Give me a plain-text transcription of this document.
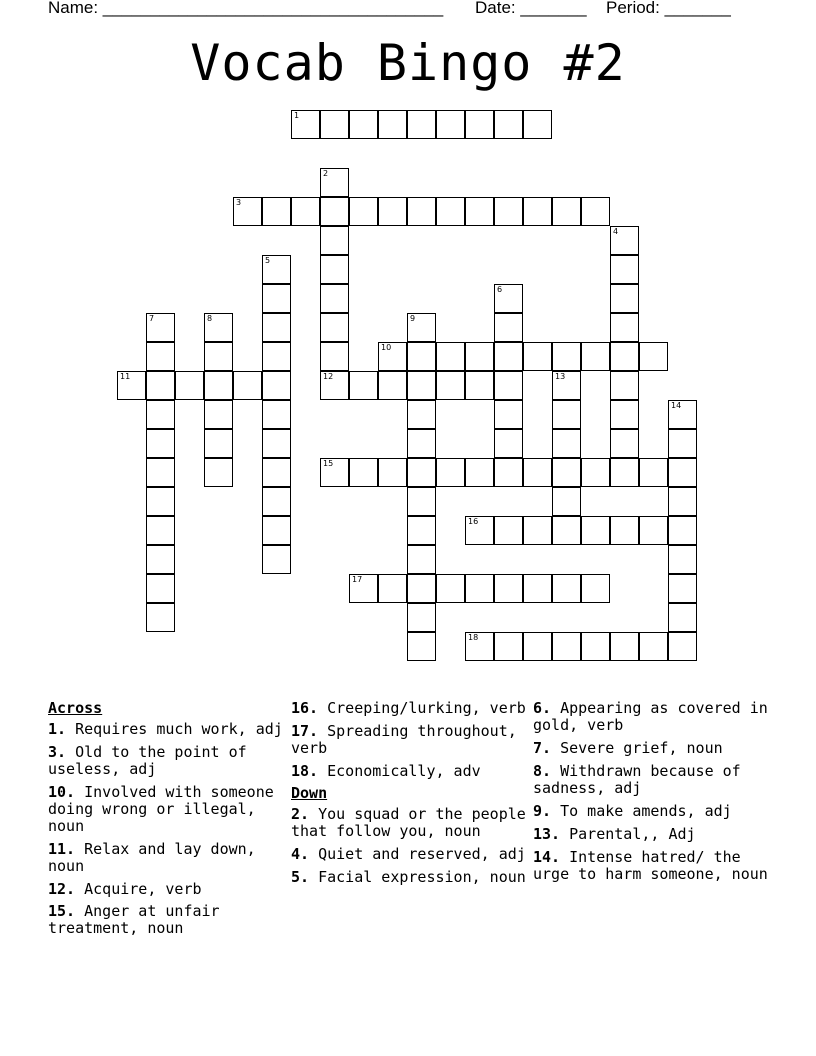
Name: ____________________________________ Date: _______ Period: _______
Vocab Bingo #2
1
2
3
4
5
6
7	8	9
10
11	12	13
14
15
16
17
18
Across
1. Requires much work, adj
3. Old to the point of useless, adj
10. Involved with someone doing wrong or illegal, noun
11. Relax and lay down, noun
12. Acquire, verb
15. Anger at unfair treatment, noun
16. Creeping/lurking, verb
17. Spreading throughout, verb
18. Economically, adv
Down
2. You squad or the people that follow you, noun
4. Quiet and reserved, adj
5. Facial expression, noun
6. Appearing as covered in gold, verb
7. Severe grief, noun
8. Withdrawn because of sadness, adj
9. To make amends, adj
13. Parental,, Adj
14. Intense hatred/ the urge to harm someone, noun
